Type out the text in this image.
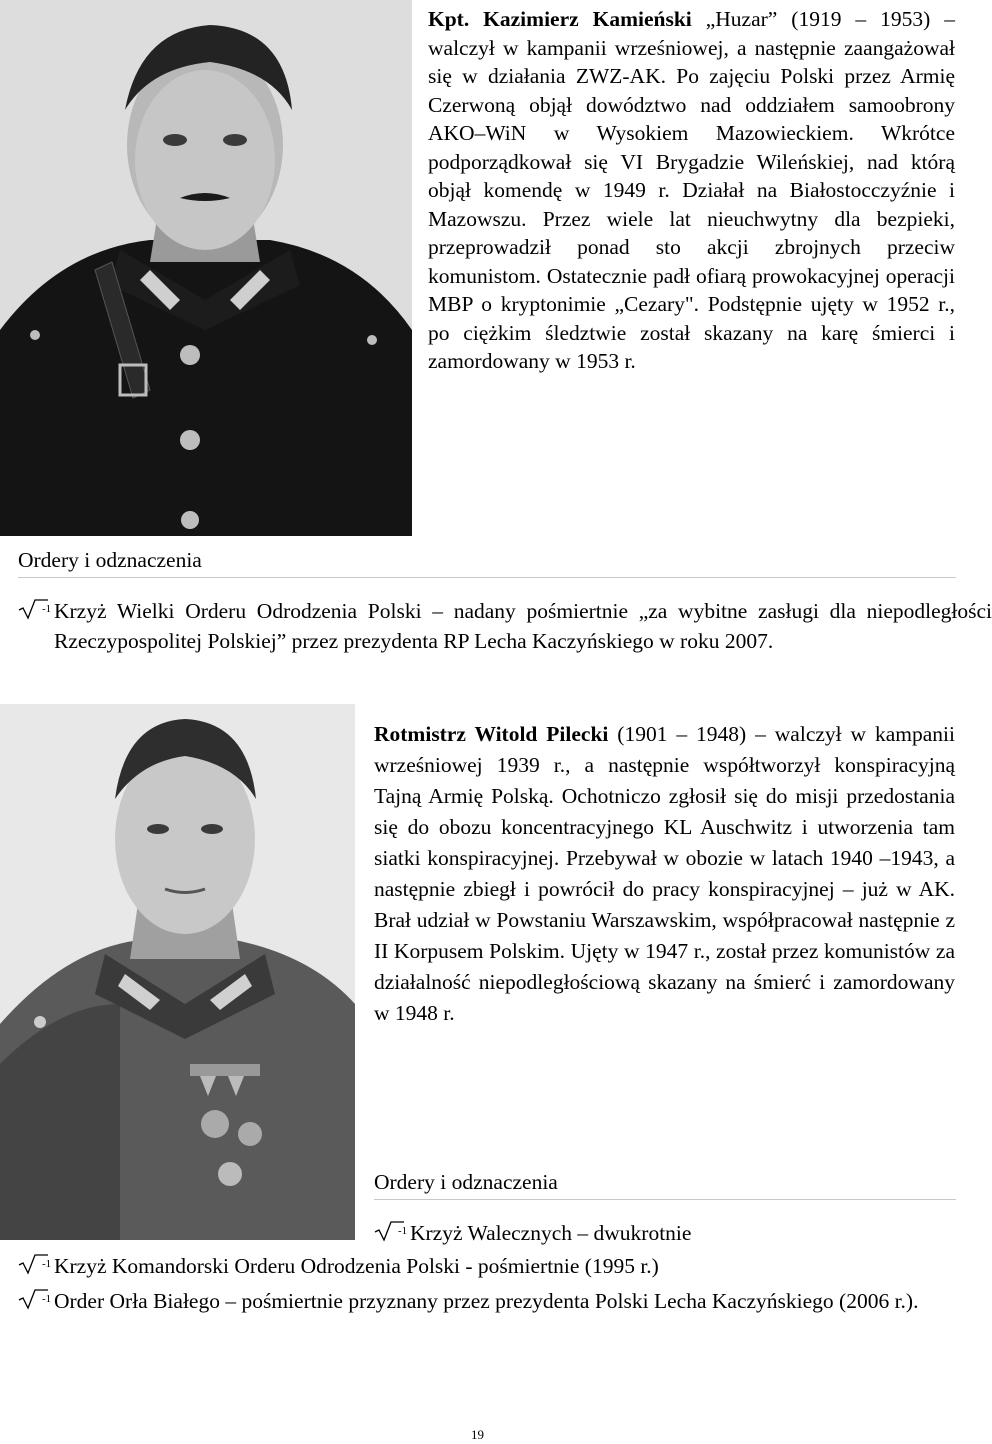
Kpt. Kazimierz Kamieński „Huzar” (1919 – 1953) – walczył w kampanii wrześniowej, a następnie zaangażował się w działania ZWZ-AK. Po zajęciu Polski przez Armię Czerwoną objął dowództwo nad oddziałem samoobrony AKO–WiN w Wysokiem Mazowieckiem. Wkrótce podporządkował się VI Brygadzie Wileńskiej, nad którą objął komendę w 1949 r. Działał na Białostocczyźnie i Mazowszu. Przez wiele lat nieuchwytny dla bezpieki, przeprowadził ponad sto akcji zbrojnych przeciw komunistom. Ostatecznie padł ofiarą prowokacyjnej operacji MBP o kryptonimie „Cezary". Podstępnie ujęty w 1952 r., po ciężkim śledztwie został skazany na karę śmierci i zamordowany w 1953 r.

Ordery i odznaczenia
-1 Krzyż Wielki Orderu Odrodzenia Polski – nadany pośmiertnie „za wybitne zasługi dla niepodległości Rzeczypospolitej Polskiej” przez prezydenta RP Lecha Kaczyńskiego w roku 2007.

Rotmistrz Witold Pilecki (1901 – 1948) – walczył w kampanii wrześniowej 1939 r., a następnie współtworzył konspiracyjną Tajną Armię Polską. Ochotniczo zgłosił się do misji przedostania się do obozu koncentracyjnego KL Auschwitz i utworzenia tam siatki konspiracyjnej. Przebywał w obozie w latach 1940 –1943, a następnie zbiegł i powrócił do pracy konspiracyjnej – już w AK. Brał udział w Powstaniu Warszawskim, współpracował następnie z II Korpusem Polskim. Ujęty w 1947 r., został przez komunistów za działalność niepodległościową skazany na śmierć i zamordowany w 1948 r.

Ordery i odznaczenia
-1 Krzyż Walecznych – dwukrotnie
-1 Krzyż Komandorski Orderu Odrodzenia Polski - pośmiertnie (1995 r.)
-1 Order Orła Białego – pośmiertnie przyznany przez prezydenta Polski Lecha Kaczyńskiego (2006 r.).
19
